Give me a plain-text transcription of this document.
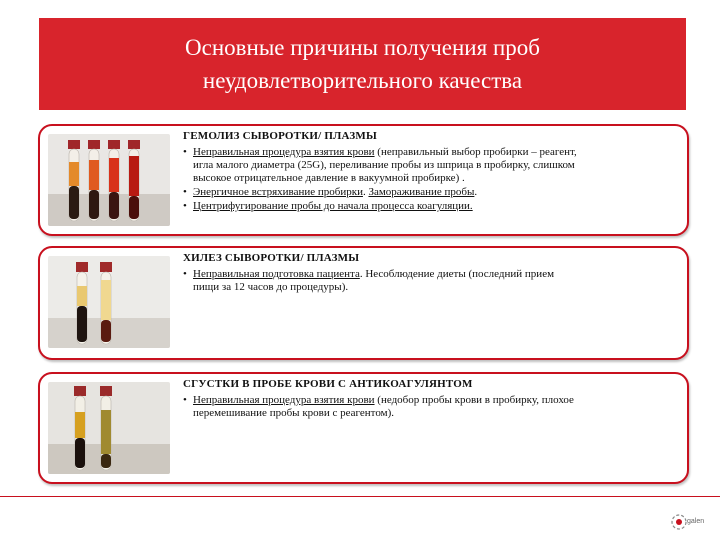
Основные причины получения проб
неудовлетворительного качества
ГЕМОЛИЗ СЫВОРОТКИ/ ПЛАЗМЫ
• Неправильная процедура взятия крови (неправильный выбор пробирки – реагент,
игла малого диаметра (25G), переливание пробы из шприца в пробирку, слишком
высокое отрицательное давление в вакуумной пробирке) .
• Энергичное встряхивание пробирки. Замораживание пробы.
• Центрифугирование пробы до начала процесса коагуляции.
ХИЛЕЗ СЫВОРОТКИ/ ПЛАЗМЫ
• Неправильная подготовка пациента. Несоблюдение диеты (последний прием
пищи за 12 часов до процедуры).
СГУСТКИ В ПРОБЕ КРОВИ С АНТИКОАГУЛЯНТОМ
• Неправильная процедура взятия крови (недобор пробы крови в пробирку, плохое
перемешивание пробы крови с реагентом).
galen
